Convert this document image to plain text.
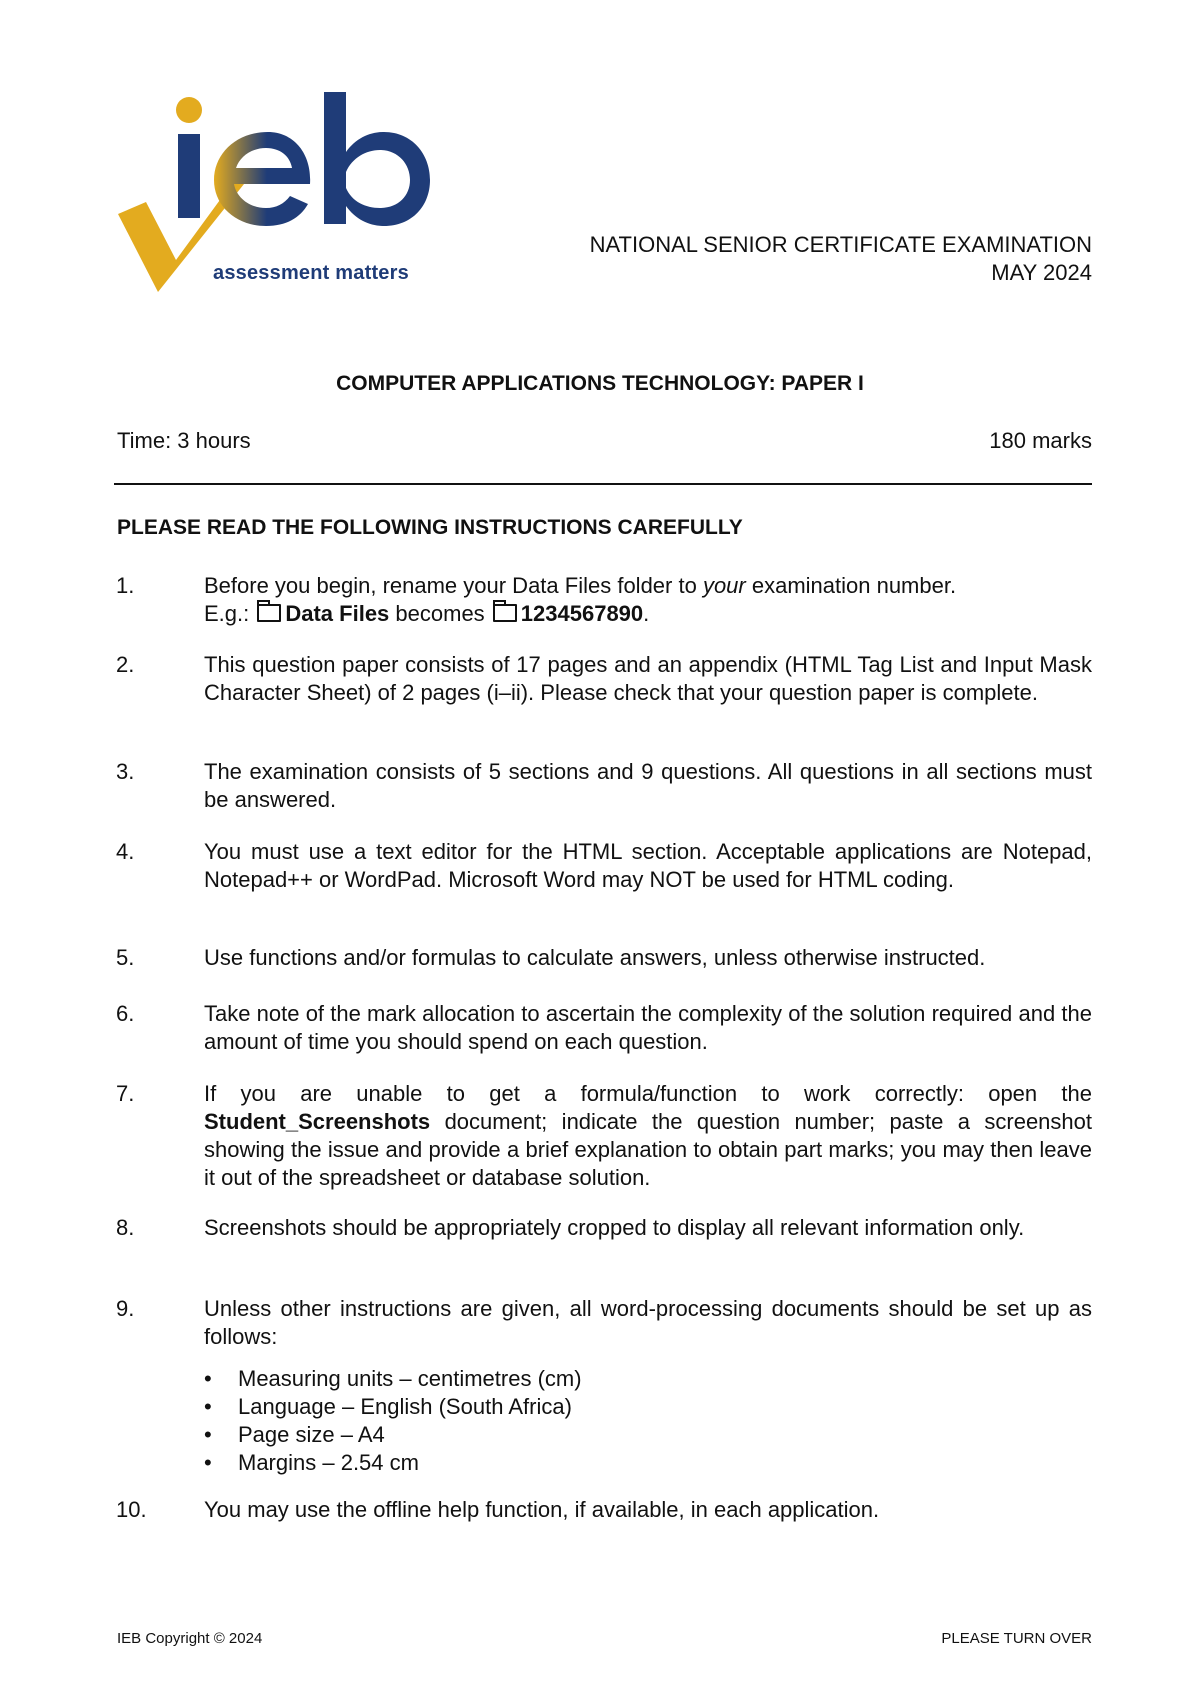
assessment matters
NATIONAL SENIOR CERTIFICATE EXAMINATION
MAY 2024
COMPUTER APPLICATIONS TECHNOLOGY: PAPER I
Time: 3 hours	180 marks
PLEASE READ THE FOLLOWING INSTRUCTIONS CAREFULLY
1.	Before you begin, rename your Data Files folder to your examination number.
E.g.: Data Files becomes 1234567890.
2.	This question paper consists of 17 pages and an appendix (HTML Tag List and Input Mask Character Sheet) of 2 pages (i–ii). Please check that your question paper is complete.
3.	The examination consists of 5 sections and 9 questions. All questions in all sections must be answered.
4.	You must use a text editor for the HTML section. Acceptable applications are Notepad, Notepad++ or WordPad. Microsoft Word may NOT be used for HTML coding.
5.	Use functions and/or formulas to calculate answers, unless otherwise instructed.
6.	Take note of the mark allocation to ascertain the complexity of the solution required and the amount of time you should spend on each question.
7.	If you are unable to get a formula/function to work correctly: open the Student_Screenshots document; indicate the question number; paste a screenshot showing the issue and provide a brief explanation to obtain part marks; you may then leave it out of the spreadsheet or database solution.
8.	Screenshots should be appropriately cropped to display all relevant information only.
9.	Unless other instructions are given, all word-processing documents should be set up as follows:
• Measuring units – centimetres (cm)
• Language – English (South Africa)
• Page size – A4
• Margins – 2.54 cm
10.	You may use the offline help function, if available, in each application.
IEB Copyright © 2024	PLEASE TURN OVER
